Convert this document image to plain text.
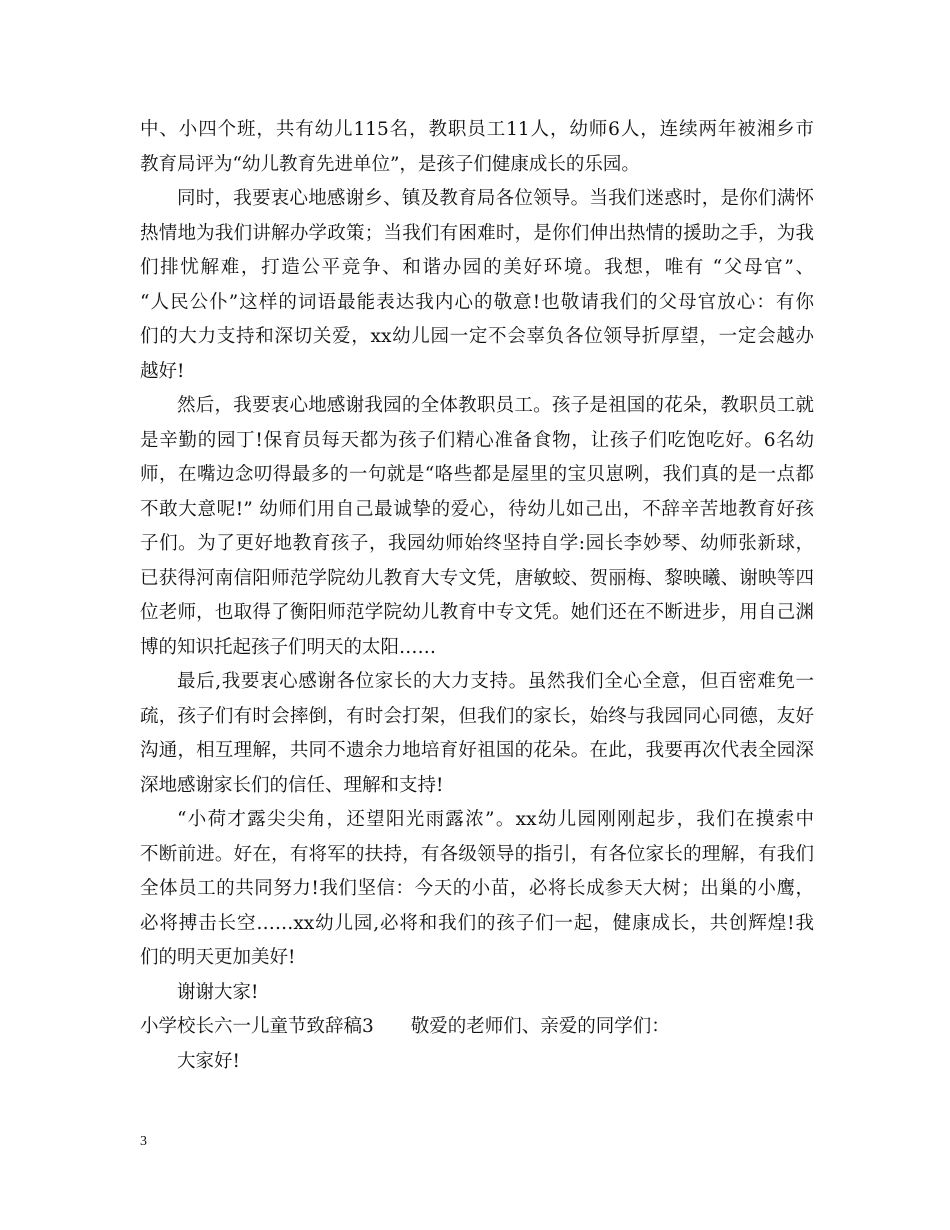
中、小四个班，共有幼儿115名，教职员工11人，幼师6人，连续两年被湘乡市
教育局评为“幼儿教育先进单位”，是孩子们健康成长的乐园。
同时，我要衷心地感谢乡、镇及教育局各位领导。当我们迷惑时，是你们满怀
热情地为我们讲解办学政策；当我们有困难时，是你们伸出热情的援助之手，为我
们排忧解难，打造公平竞争、和谐办园的美好环境。我想，唯有 “父母官”、
“人民公仆”这样的词语最能表达我内心的敬意!也敬请我们的父母官放心：有你
们的大力支持和深切关爱，xx幼儿园一定不会辜负各位领导折厚望，一定会越办
越好!
然后，我要衷心地感谢我园的全体教职员工。孩子是祖国的花朵，教职员工就
是辛勤的园丁!保育员每天都为孩子们精心准备食物，让孩子们吃饱吃好。6名幼
师，在嘴边念叨得最多的一句就是“咯些都是屋里的宝贝崽咧，我们真的是一点都
不敢大意呢!” 幼师们用自己最诚挚的爱心，待幼儿如己出，不辞辛苦地教育好孩
子们。为了更好地教育孩子，我园幼师始终坚持自学:园长李妙琴、幼师张新球，
已获得河南信阳师范学院幼儿教育大专文凭，唐敏蛟、贺丽梅、黎映曦、谢映等四
位老师，也取得了衡阳师范学院幼儿教育中专文凭。她们还在不断进步，用自己渊
博的知识托起孩子们明天的太阳……
最后,我要衷心感谢各位家长的大力支持。虽然我们全心全意，但百密难免一
疏，孩子们有时会摔倒，有时会打架，但我们的家长，始终与我园同心同德，友好
沟通，相互理解，共同不遗余力地培育好祖国的花朵。在此，我要再次代表全园深
深地感谢家长们的信任、理解和支持!
“小荷才露尖尖角，还望阳光雨露浓”。xx幼儿园刚刚起步，我们在摸索中
不断前进。好在，有将军的扶持，有各级领导的指引，有各位家长的理解，有我们
全体员工的共同努力!我们坚信：今天的小苗，必将长成参天大树；出巢的小鹰，
必将搏击长空……xx幼儿园,必将和我们的孩子们一起，健康成长，共创辉煌!我
们的明天更加美好!
谢谢大家!
小学校长六一儿童节致辞稿3　　敬爱的老师们、亲爱的同学们：
大家好!
3
